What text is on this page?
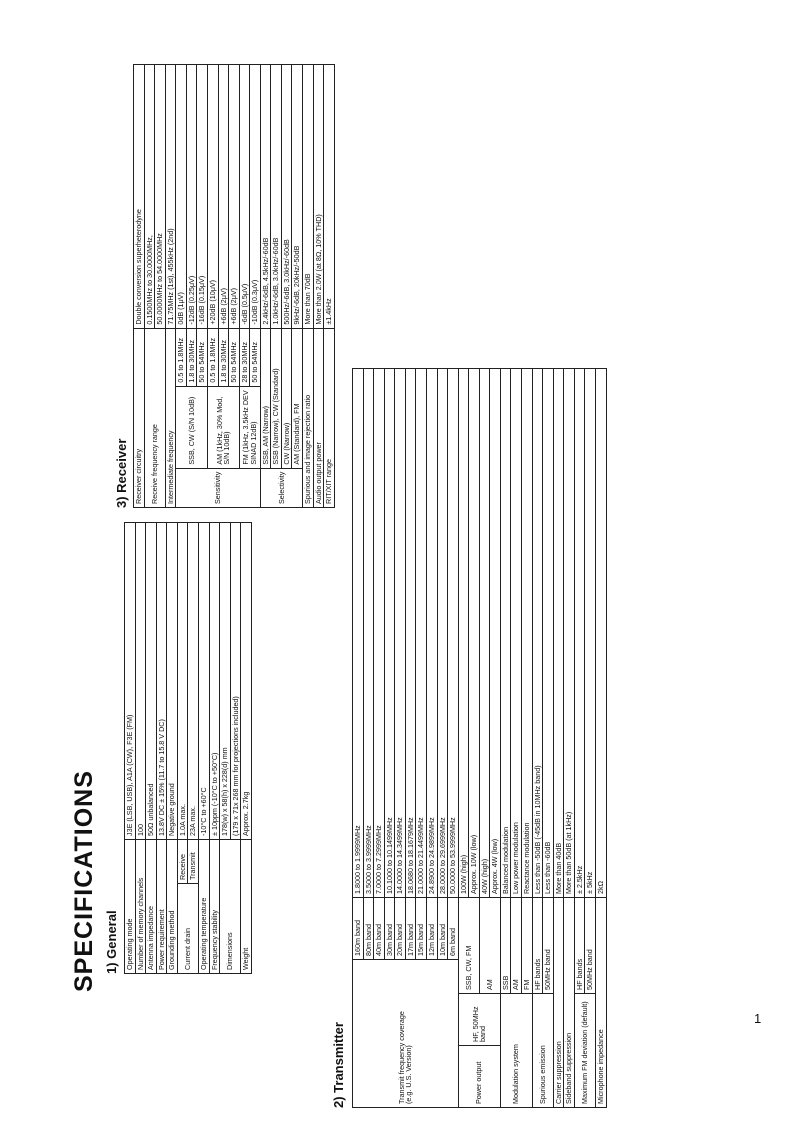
SPECIFICATIONS 1) General Operating mode		J3E (LSB, USB), A1A (CW), F3E (FM)
Number of memory channels		100
Antenna impedance		50Ω unbalanced
Power requirement		13.8V DC ± 15% (11.7 to 15.8 V DC)
Grounding method		Negative ground
Current drain	Receive	1.0A max.
	Transmit	23A max.
Operating temperature		-10°C to +60°C
Frequency stability		± 10ppm (-10°C to +50°C)
Dimensions		178(w) x 58(h) x 228(d) mm
		(179 x 71x 268 mm for projections included)
Weight		Approx. 2.7kg
2) Transmitter	Transmit frequency coverage
(e.g. U.S. Version)			160m band	1.8000 to 1.9999MHz
			80m band	3.5000 to 3.9999MHz
			40m band	7.0000 to 7.2999MHz
			30m band	10.1000 to 10.1499MHz
			20m band	14.0000 to 14.3499MHz
			17m band	18.0680 to 18.1679MHz
			15m band	21.0000 to 21.4499MHz
			12m band	24.8900 to 24.9899MHz
			10m band	28.0000 to 29.6999MHz
			6m band	50.0000 to 53.9999MHz
Power output	HF, 50MHz band	SSB, CW, FM		100W (high)
				Approx. 10W (low)
		AM		40W (high)
				Approx. 4W (low)
Modulation system		SSB		Balanced modulation
		AM		Low power modulation
		FM		Reactance modulation
Spurious emission		HF bands		Less than -50dB (-45dB in 10MHz band)
		50MHz band		Less than -60dB
Carrier suppression				More than 40dB
Sideband suppression				More than 50dB (at 1kHz)
Maximum FM deviation (default)		HF bands		± 2.5kHz
		50MHz band		± 5kHz
Microphone impedance				2kΩ
3) Receiver Receiver circuitry			Double conversion superheterodyne
Receive frequency range			0.1500MHz to 30.0000MHz,
			50.0000MHz to 54.0000MHz
Intermediate frequency			71.75MHz (1st), 455kHz (2nd)
Sensitivity	SSB, CW (S/N 10dB)	0.5 to 1.8MHz	0dB (1μV)
		1.8 to 30MHz	-12dB (0.25μV)
		50 to 54MHz	-16dB (0.15μV)
	AM (1kHz, 30% Mod, S/N 10dB)	0.5 to 1.8MHz	+20dB (10μV)
		1.8 to 30MHz	+6dB (2μV)
		50 to 54MHz	+6dB (2μV)
	FM (1kHz, 3.5kHz DEV SINAD 12dB)	28 to 30MHz	-6dB (0.5μV)
		50 to 54MHz	-10dB (0.3μV)
Selectivity	SSB, AM (Narrow)		2.4kHz/-6dB, 4.5kHz/-60dB
	SSB (Narrow), CW (Standard)		1.0kHz/-6dB, 3.0kHz/-60dB
	CW (Narrow)		500Hz/-6dB, 3.0kHz/-60dB
	AM (Standard), FM		9kHz/-6dB, 20kHz/-50dB
Spurious and image rejection ratio			More than 70dB
Audio output power			More than 2.0W (at 8Ω, 10% THD)
RIT/XIT range			±1.4kHz
1
